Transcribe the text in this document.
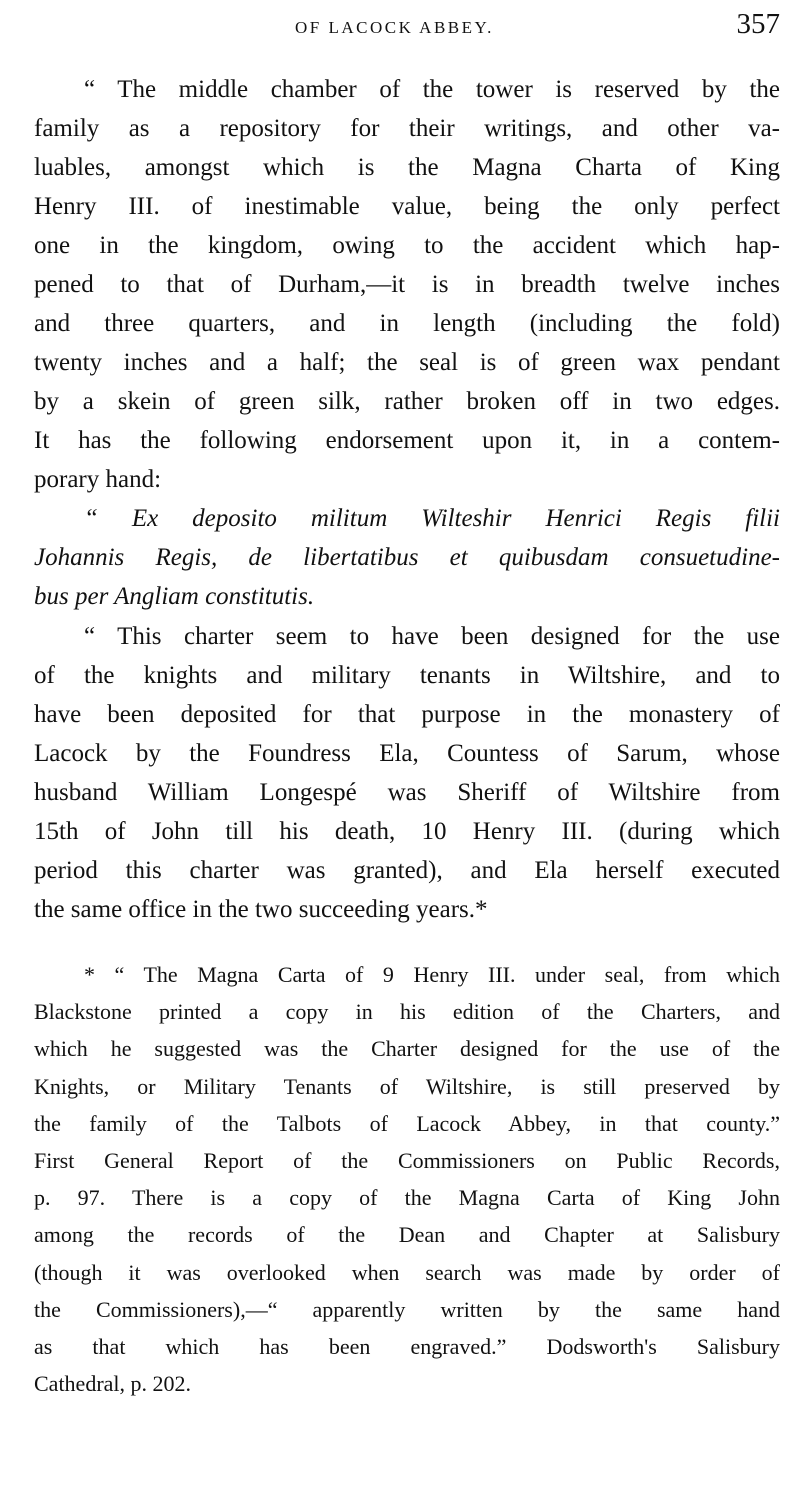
OF LACOCK ABBEY.	357
“ The middle chamber of the tower is reserved by the
family as a repository for their writings, and other va-
luables, amongst which is the Magna Charta of King
Henry III. of inestimable value, being the only perfect
one in the kingdom, owing to the accident which hap-
pened to that of Durham,—it is in breadth twelve inches
and three quarters, and in length (including the fold)
twenty inches and a half; the seal is of green wax pendant
by a skein of green silk, rather broken off in two edges.
It has the following endorsement upon it, in a contem-
porary hand:
“ Ex deposito militum Wilteshir Henrici Regis filii
Johannis Regis, de libertatibus et quibusdam consuetudine-
bus per Angliam constitutis.
“ This charter seem to have been designed for the use
of the knights and military tenants in Wiltshire, and to
have been deposited for that purpose in the monastery of
Lacock by the Foundress Ela, Countess of Sarum, whose
husband William Longespé was Sheriff of Wiltshire from
15th of John till his death, 10 Henry III. (during which
period this charter was granted), and Ela herself executed
the same office in the two succeeding years.*
* “ The Magna Carta of 9 Henry III. under seal, from which
Blackstone printed a copy in his edition of the Charters, and
which he suggested was the Charter designed for the use of the
Knights, or Military Tenants of Wiltshire, is still preserved by
the family of the Talbots of Lacock Abbey, in that county.”
First General Report of the Commissioners on Public Records,
p. 97. There is a copy of the Magna Carta of King John
among the records of the Dean and Chapter at Salisbury
(though it was overlooked when search was made by order of
the Commissioners),—“ apparently written by the same hand
as that which has been engraved.” Dodsworth's Salisbury
Cathedral, p. 202.
